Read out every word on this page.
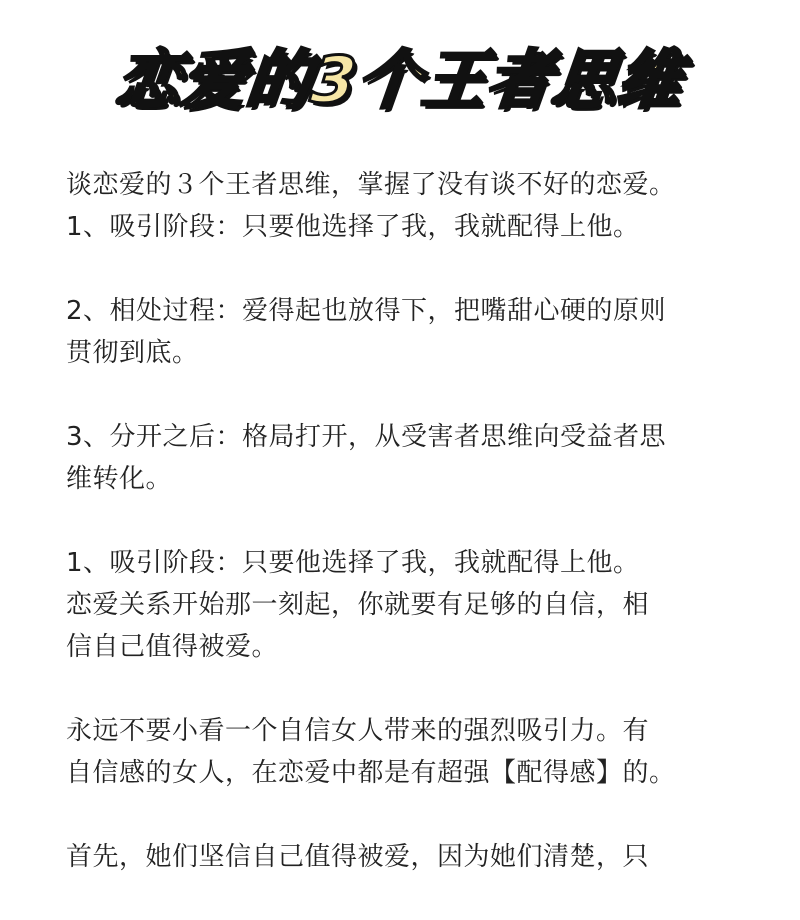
恋爱的3个王者思维

谈恋爱的３个王者思维，掌握了没有谈不好的恋爱。
1、吸引阶段：只要他选择了我，我就配得上他。

2、相处过程：爱得起也放得下，把嘴甜心硬的原则
贯彻到底。

3、分开之后：格局打开，从受害者思维向受益者思
维转化。

1、吸引阶段：只要他选择了我，我就配得上他。
恋爱关系开始那一刻起，你就要有足够的自信，相
信自己值得被爱。

永远不要小看一个自信女人带来的强烈吸引力。有
自信感的女人，在恋爱中都是有超强【配得感】的。

首先，她们坚信自己值得被爱，因为她们清楚，只
